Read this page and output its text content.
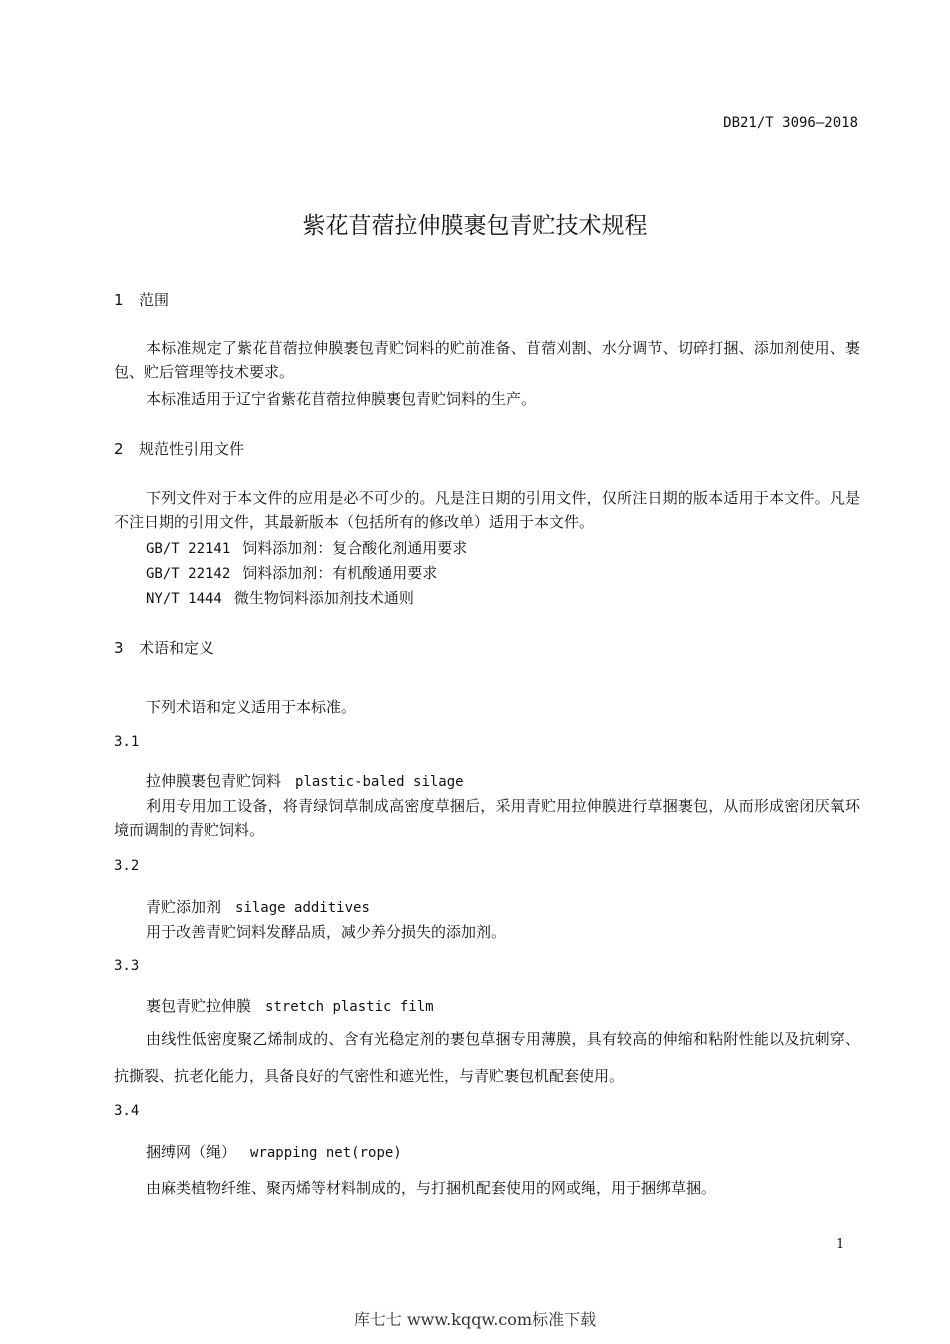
DB21/T 3096—2018
紫花苜蓿拉伸膜裹包青贮技术规程
1 范围
本标准规定了紫花苜蓿拉伸膜裹包青贮饲料的贮前准备、苜蓿刈割、水分调节、切碎打捆、添加剂使用、裹包、贮后管理等技术要求。
本标准适用于辽宁省紫花苜蓿拉伸膜裹包青贮饲料的生产。
2 规范性引用文件
下列文件对于本文件的应用是必不可少的。凡是注日期的引用文件，仅所注日期的版本适用于本文件。凡是不注日期的引用文件，其最新版本（包括所有的修改单）适用于本文件。
GB/T 22141 饲料添加剂：复合酸化剂通用要求
GB/T 22142 饲料添加剂：有机酸通用要求
NY/T 1444 微生物饲料添加剂技术通则
3 术语和定义
下列术语和定义适用于本标准。
3.1
拉伸膜裹包青贮饲料 plastic-baled silage
利用专用加工设备，将青绿饲草制成高密度草捆后，采用青贮用拉伸膜进行草捆裹包，从而形成密闭厌氧环境而调制的青贮饲料。
3.2
青贮添加剂 silage additives
用于改善青贮饲料发酵品质，减少养分损失的添加剂。
3.3
裹包青贮拉伸膜 stretch plastic film
由线性低密度聚乙烯制成的、含有光稳定剂的裹包草捆专用薄膜，具有较高的伸缩和粘附性能以及抗刺穿、抗撕裂、抗老化能力，具备良好的气密性和遮光性，与青贮裹包机配套使用。
3.4
捆缚网（绳） wrapping net(rope)
由麻类植物纤维、聚丙烯等材料制成的，与打捆机配套使用的网或绳，用于捆绑草捆。
1
库七七 www.kqqw.com标准下载
